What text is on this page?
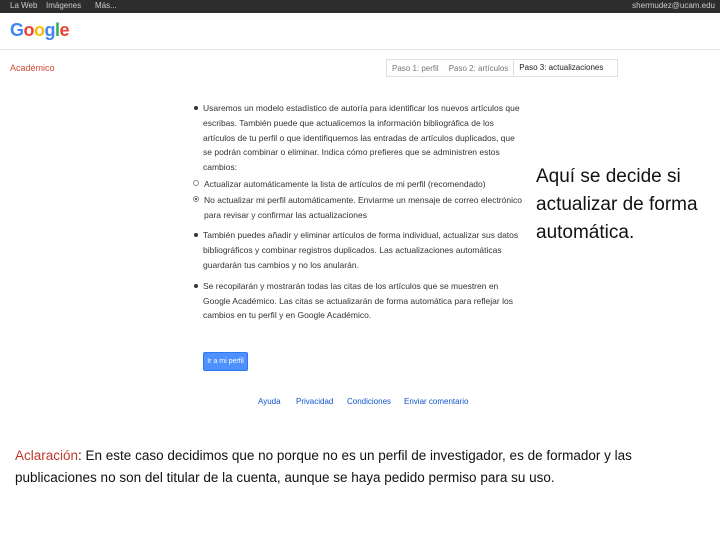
La Web Imágenes Más...	shermudez@ucam.edu
Google
Académico	Paso 1: perfil	Paso 2: artículos	Paso 3: actualizaciones
Usaremos un modelo estadístico de autoría para identificar los nuevos artículos que escribas. También puede que actualicemos la información bibliográfica de los artículos de tu perfil o que identifiquemos las entradas de artículos duplicados, que se podrán combinar o eliminar. Indica cómo prefieres que se administren estos cambios:
Actualizar automáticamente la lista de artículos de mi perfil (recomendado)
No actualizar mi perfil automáticamente. Enviarme un mensaje de correo electrónico para revisar y confirmar las actualizaciones
También puedes añadir y eliminar artículos de forma individual, actualizar sus datos bibliográficos y combinar registros duplicados. Las actualizaciones automáticas guardarán tus cambios y no los anularán.
Se recopilarán y mostrarán todas las citas de los artículos que se muestren en Google Académico. Las citas se actualizarán de forma automática para reflejar los cambios en tu perfil y en Google Académico.
Ir a mi perfil
Ayuda Privacidad Condiciones Enviar comentario
Aquí se decide si actualizar de forma automática.
Aclaración: En este caso decidimos que no porque no es un perfil de investigador, es de formador y las publicaciones no son del titular de la cuenta, aunque se haya pedido permiso para su uso.
